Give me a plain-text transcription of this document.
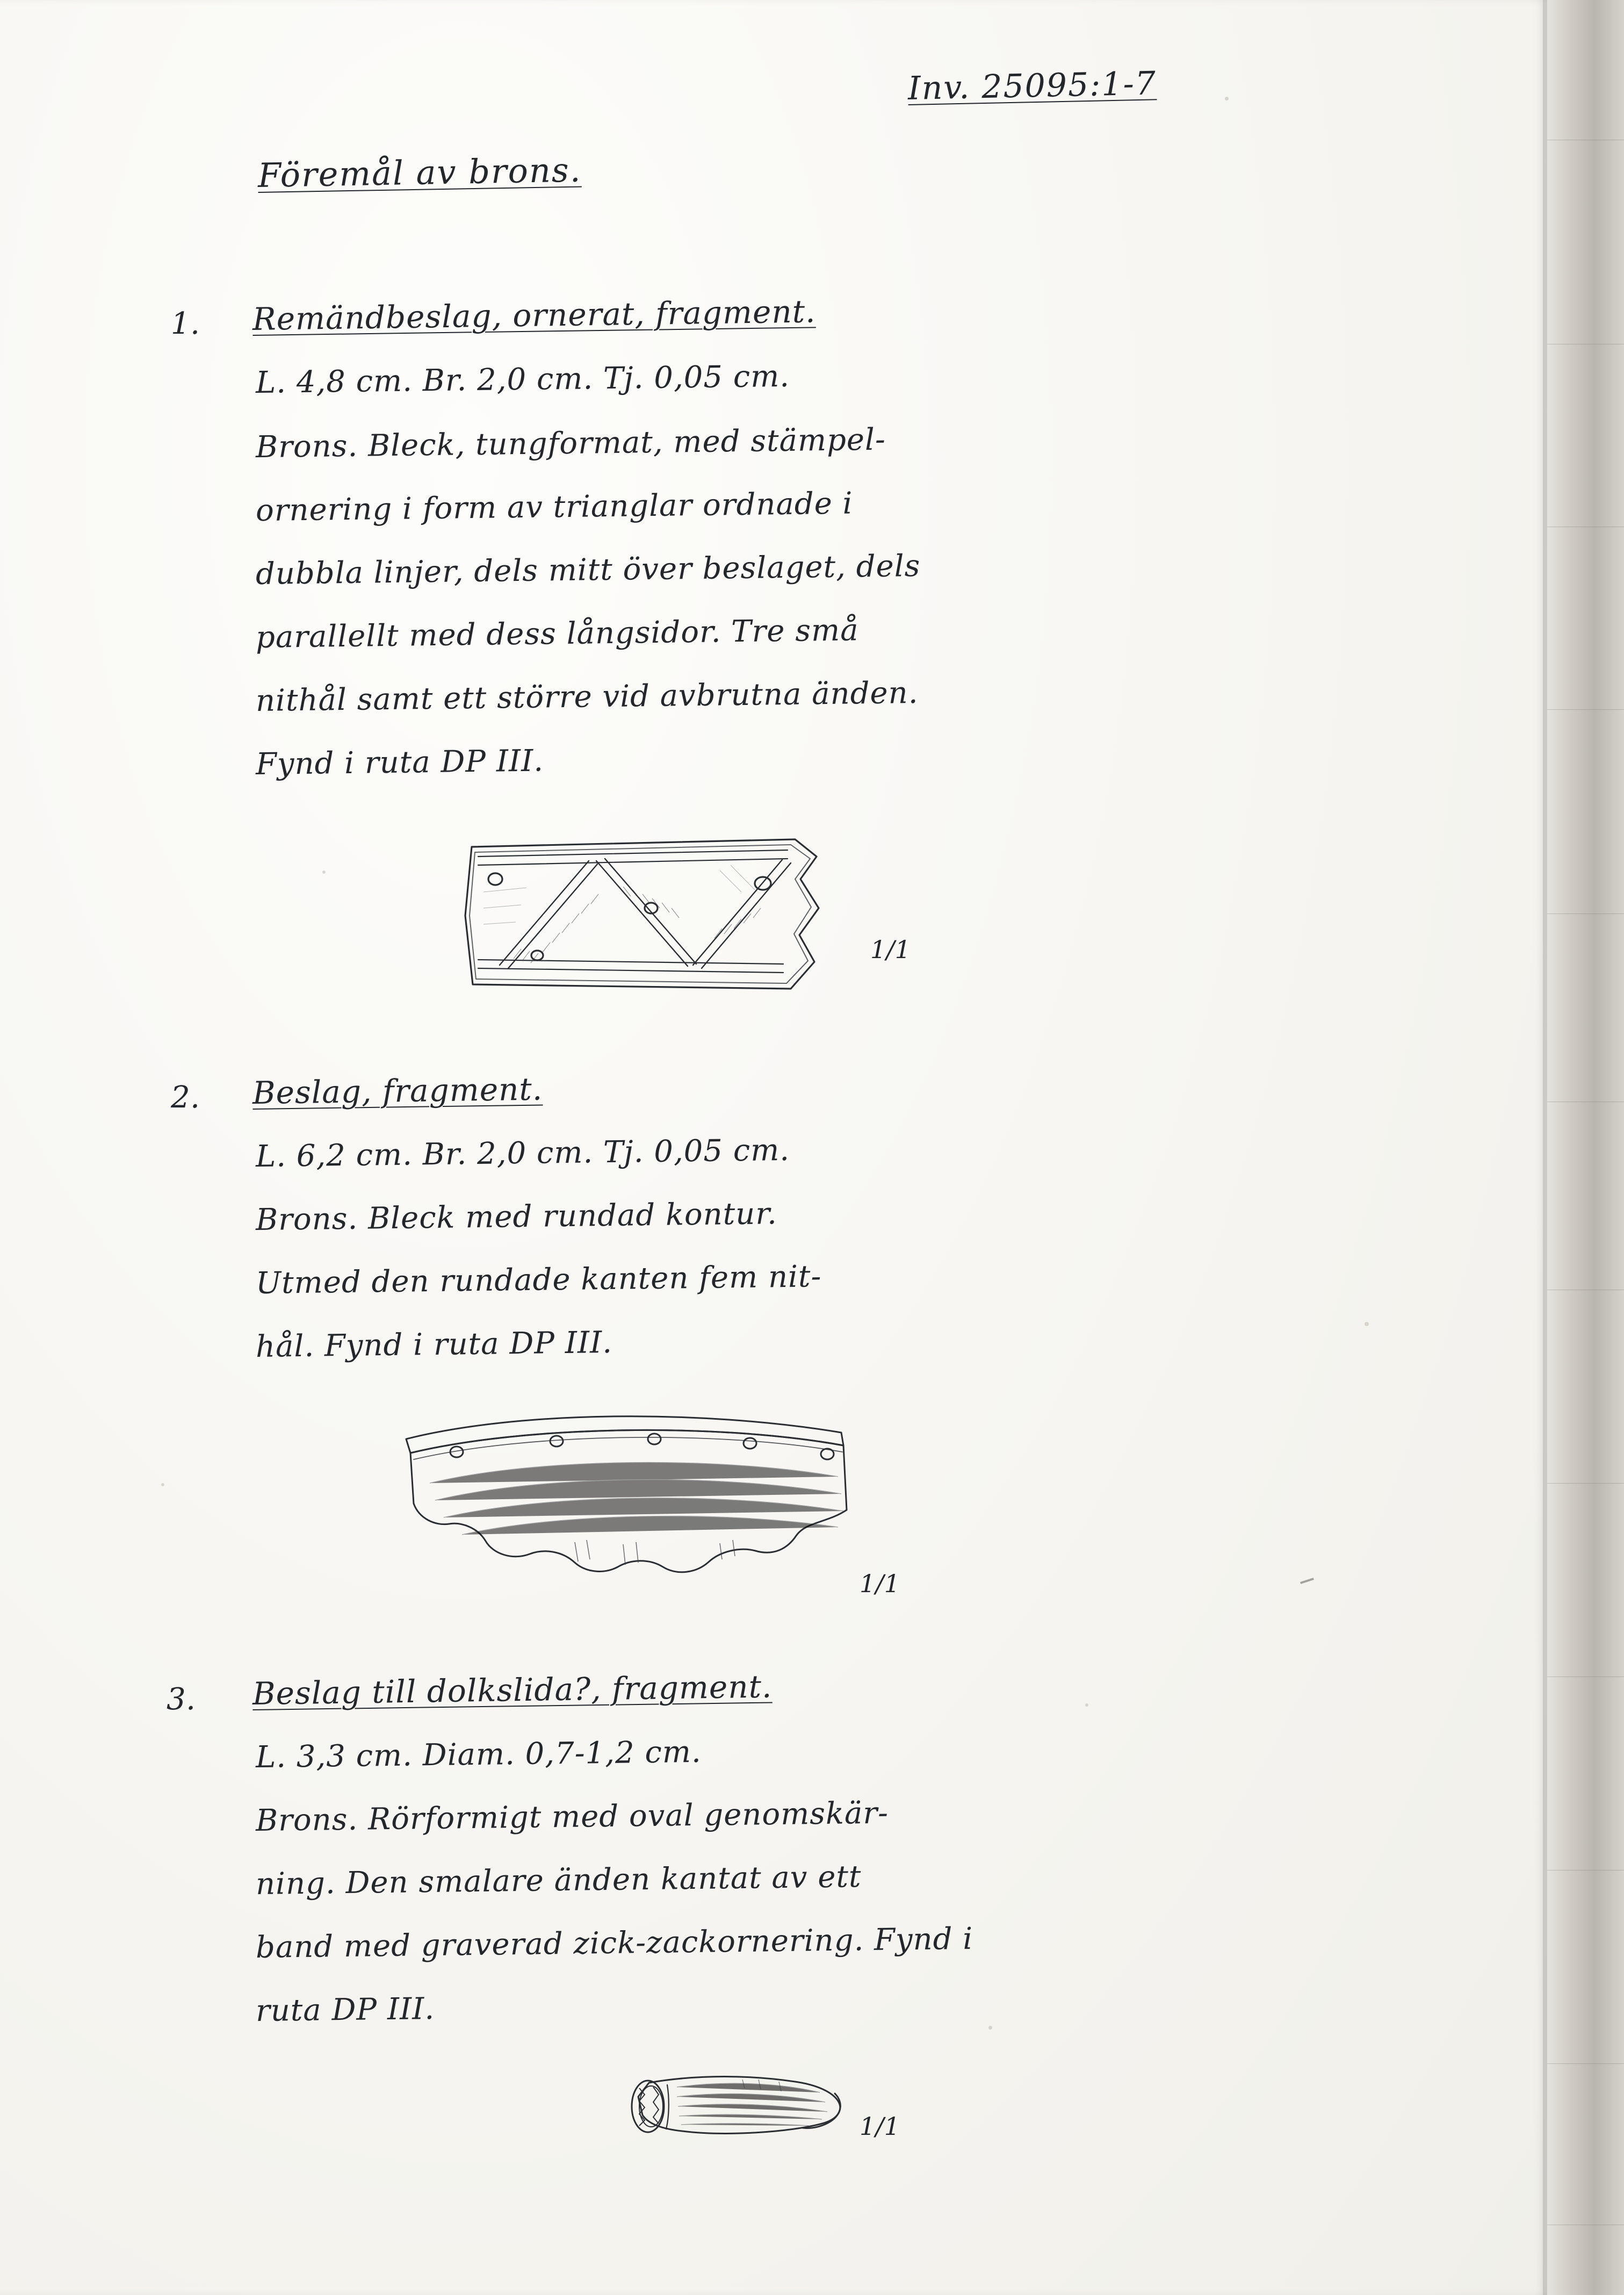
Inv. 25095:1-7
Föremål av brons.
1. Remändbeslag, ornerat, fragment.
L. 4,8 cm. Br. 2,0 cm. Tj. 0,05 cm.
Brons. Bleck, tungformat, med stämpel-
ornering i form av trianglar ordnade i
dubbla linjer, dels mitt över beslaget, dels
parallellt med dess långsidor. Tre små
nithål samt ett större vid avbrutna änden.
Fynd i ruta DP III.
1/1
2. Beslag, fragment.
L. 6,2 cm. Br. 2,0 cm. Tj. 0,05 cm.
Brons. Bleck med rundad kontur.
Utmed den rundade kanten fem nit-
hål. Fynd i ruta DP III.
1/1
3. Beslag till dolkslida?, fragment.
L. 3,3 cm. Diam. 0,7-1,2 cm.
Brons. Rörformigt med oval genomskär-
ning. Den smalare änden kantat av ett
band med graverad zick-zackornering. Fynd i
ruta DP III.
1/1
